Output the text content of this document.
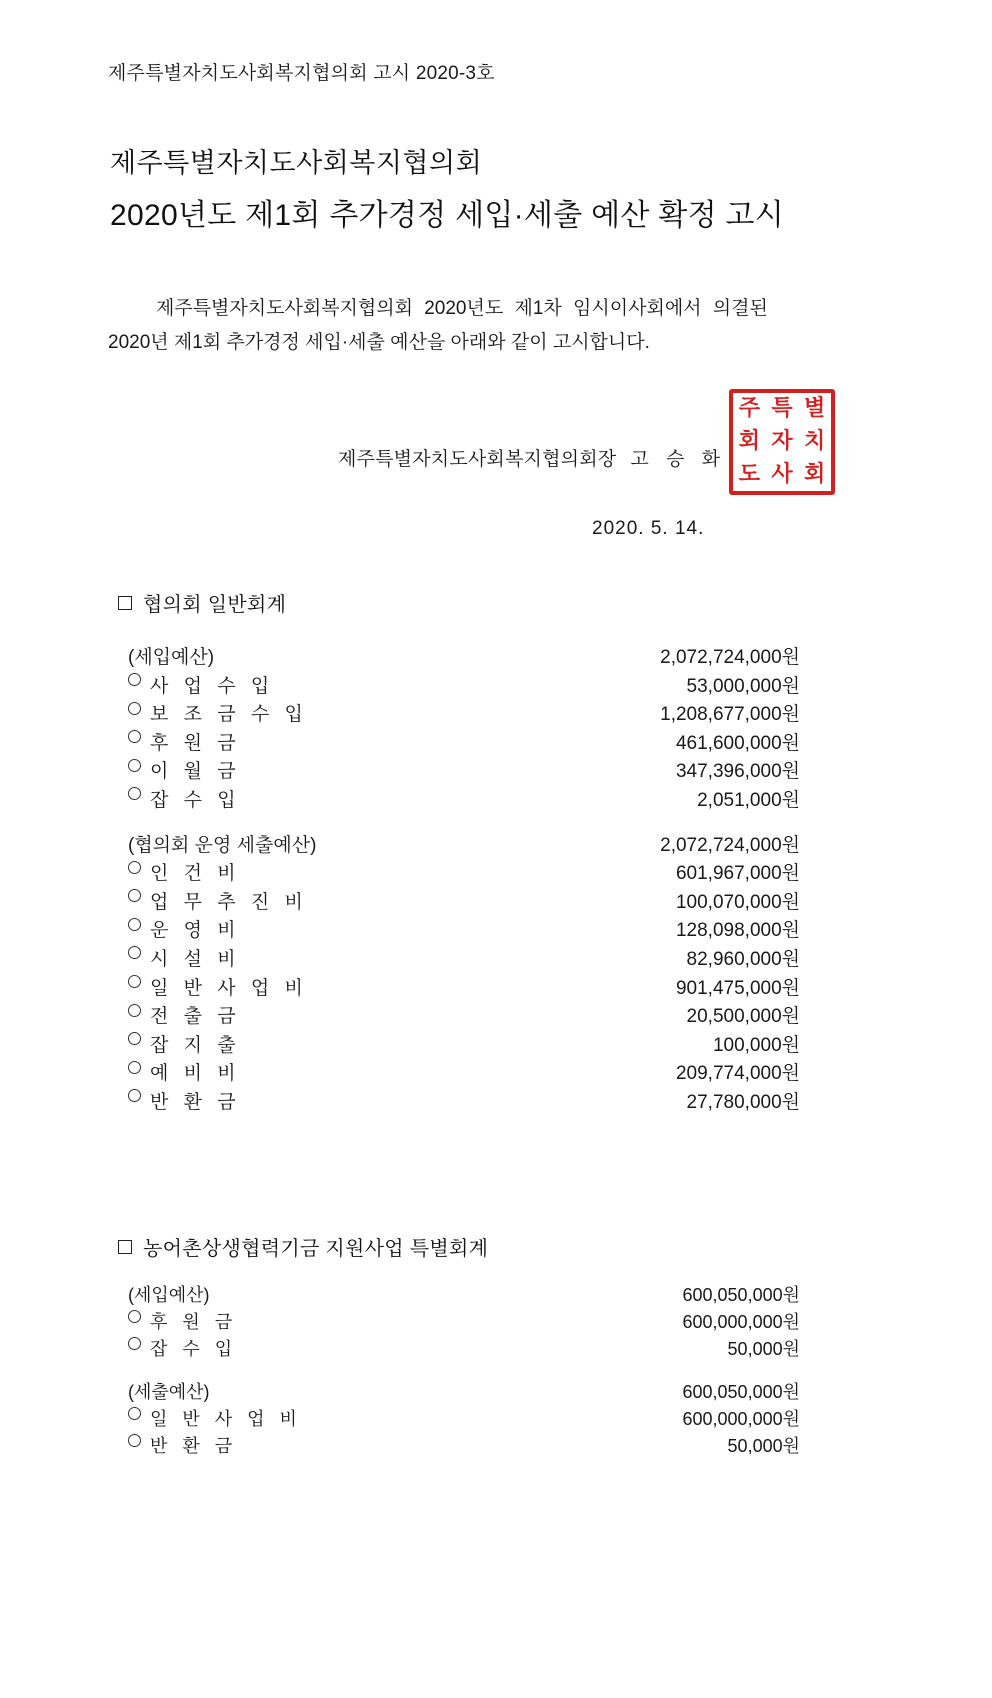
제주특별자치도사회복지협의회 고시 2020-3호
제주특별자치도사회복지협의회
2020년도 제1회 추가경정 세입·세출 예산 확정 고시
제주특별자치도사회복지협의회 2020년도 제1차 임시이사회에서 의결된
2020년 제1회 추가경정 세입·세출 예산을 아래와 같이 고시합니다.
제주특별자치도사회복지협의회장 고 승 화
주 특 별
회 자 치
도 사 회
2020. 5. 14.
협의회 일반회계
(세입예산)	2,072,724,000원
사 업 수 입	53,000,000원
보 조 금 수 입	1,208,677,000원
후 원 금	461,600,000원
이 월 금	347,396,000원
잡 수 입	2,051,000원
(협의회 운영 세출예산)	2,072,724,000원
인 건 비	601,967,000원
업 무 추 진 비	100,070,000원
운 영 비	128,098,000원
시 설 비	82,960,000원
일 반 사 업 비	901,475,000원
전 출 금	20,500,000원
잡 지 출	100,000원
예 비 비	209,774,000원
반 환 금	27,780,000원
농어촌상생협력기금 지원사업 특별회계
(세입예산)	600,050,000원
후 원 금	600,000,000원
잡 수 입	50,000원
(세출예산)	600,050,000원
일 반 사 업 비	600,000,000원
반 환 금	50,000원
